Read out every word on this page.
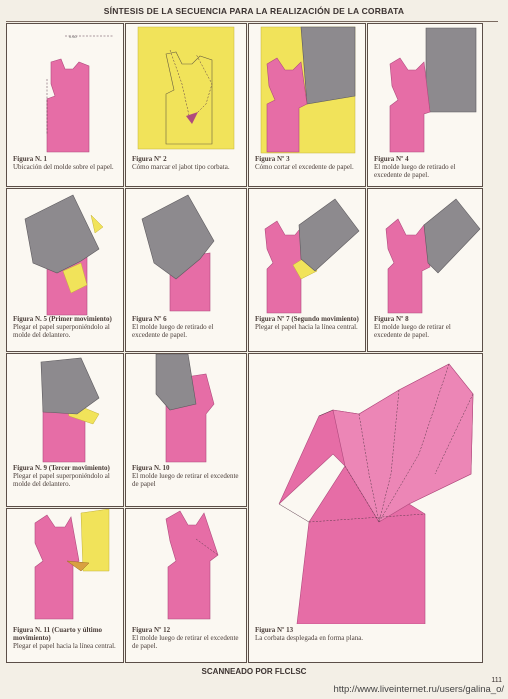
SÍNTESIS DE LA SECUENCIA PARA LA REALIZACIÓN DE LA CORBATA
0.60
Figura N. 1
Ubicación del molde sobre el papel.
Figura Nº 2
Cómo marcar el jabot tipo corbata.
Figura Nº 3
Cómo cortar el excedente de papel.
Figura Nº 4
El molde luego de retirado el excedente de papel.
Figura N. 5 (Primer movimiento)
Plegar el papel superponiéndolo al molde del delantero.
Figura Nº 6
El molde luego de retirado el excedente de papel.
Figura Nº 7 (Segundo movimiento)
Plegar el papel hacia la línea central.
Figura Nº 8
El molde luego de retirar el excedente de papel.
Figura N. 9 (Tercer movimiento)
Plegar el papel superponiéndolo al molde del delantero.
Figura N. 10
El molde luego de retirar el excedente de papel
Figura Nº 13
La corbata desplegada en forma plana.
Figura N. 11 (Cuarto y último movimiento)
Plegar el papel hacia la línea central.
Figura Nº 12
El molde luego de retirar el excedente de papel.
SCANNEADO POR FLCLSC
111
http://www.liveinternet.ru/users/galina_o/
